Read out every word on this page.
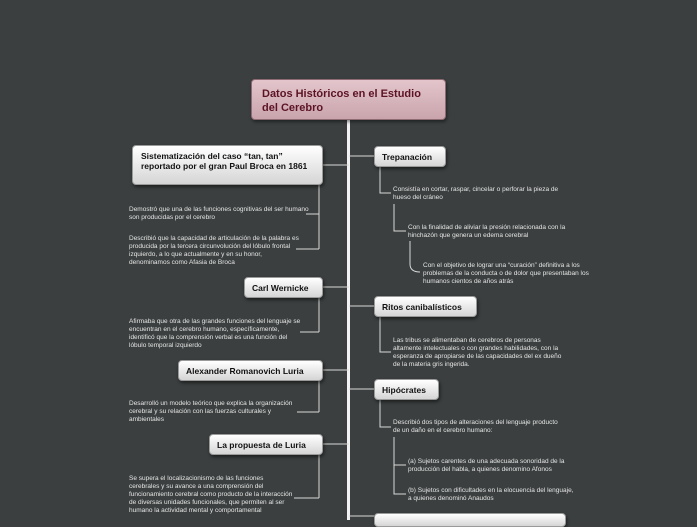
Datos Históricos en el Estudio del Cerebro
Sistematización del caso “tan, tan” reportado por el gran Paul Broca en 1861
Demostró que una de las funciones cognitivas del ser humano son producidas por el cerebro
Describió que la capacidad de articulación de la palabra es producida por la tercera circunvolución del lóbulo frontal izquierdo, a lo que actualmente y en su honor, denominamos como Afasia de Broca
Carl Wernicke
Afirmaba que otra de las grandes funciones del lenguaje se encuentran en el cerebro humano, específicamente, identificó que la comprensión verbal es una función del lóbulo temporal izquierdo
Alexander Romanovich Luria
Desarrolló un modelo teórico que explica la organización cerebral y su relación con las fuerzas culturales y ambientales
La propuesta de Luria
Se supera el localizacionismo de las funciones cerebrales y su avance a una comprensión del funcionamiento cerebral como producto de la interacción de diversas unidades funcionales, que permiten al ser humano la actividad mental y comportamental
Trepanación
Consistía en cortar, raspar, cincelar o perforar la pieza de hueso del cráneo
Con la finalidad de aliviar la presión relacionada con la hinchazón que genera un edema cerebral
Con el objetivo de lograr una “curación” definitiva a los problemas de la conducta o de dolor que presentaban los humanos cientos de años atrás
Ritos canibalísticos
Las tribus se alimentaban de cerebros de personas altamente intelectuales o con grandes habilidades, con la esperanza de apropiarse de las capacidades del ex dueño de la materia gris ingerida.
Hipócrates
Describió dos tipos de alteraciones del lenguaje producto de un daño en el cerebro humano:
(a) Sujetos carentes de una adecuada sonoridad de la producción del habla, a quienes denomino Afonos
(b) Sujetos con dificultades en la elocuencia del lenguaje, a quienes denominó Anaudos
